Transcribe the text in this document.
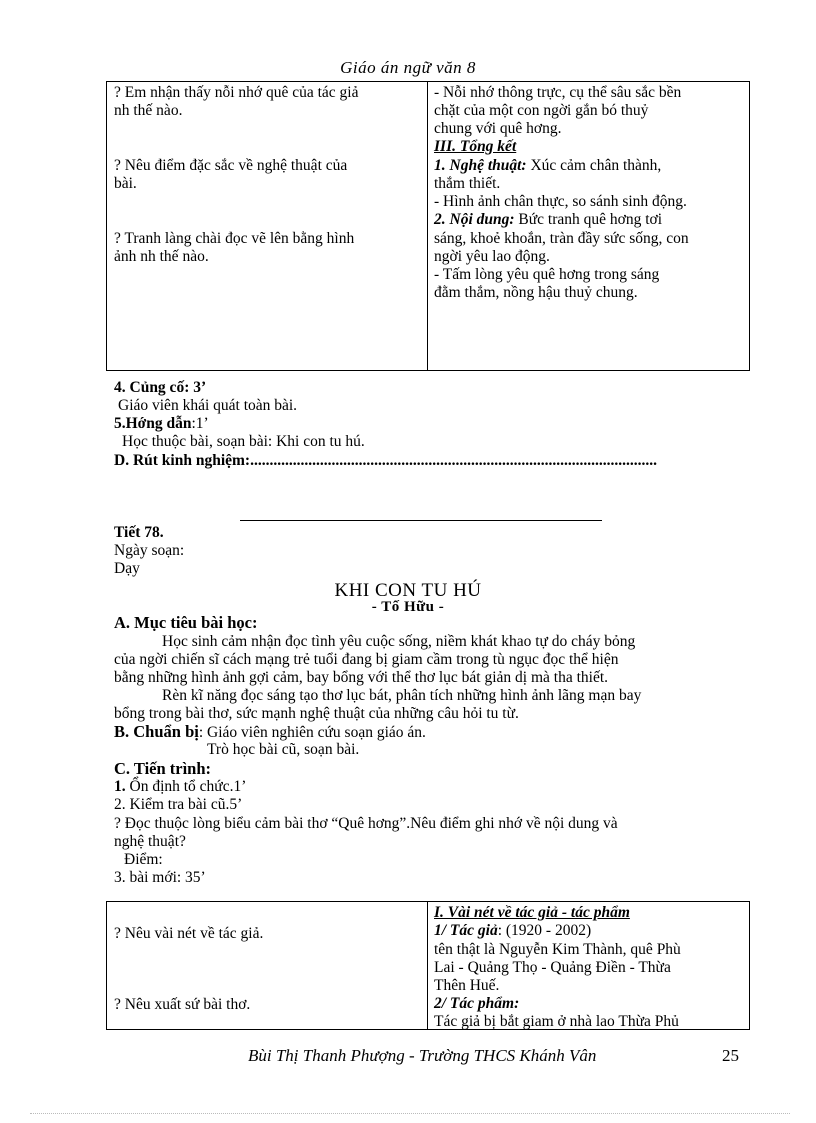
Giáo án ngữ văn 8
? Em nhận thấy nỗi nhớ quê của tác giả
nh thế nào.
? Nêu điểm đặc sắc về nghệ thuật của
bài.
? Tranh làng chài đọc vẽ lên bằng hình
ảnh nh thế nào.
- Nỗi nhớ thông trực, cụ thể sâu sắc bền
chặt của một con ngời gắn bó thuỷ
chung với quê hơng.
III. Tổng kết
1. Nghệ thuật: Xúc cảm chân thành,
thắm thiết.
- Hình ảnh chân thực, so sánh sinh động.
2. Nội dung: Bức tranh quê hơng tơi
sáng, khoẻ khoắn, tràn đầy sức sống, con
ngời yêu lao động.
- Tấm lòng yêu quê hơng trong sáng
đằm thắm, nồng hậu thuỷ chung.
4. Củng cố: 3’
Giáo viên khái quát toàn bài.
5.Hớng dẫn:1’
Học thuộc bài, soạn bài: Khi con tu hú.
D. Rút kinh nghiệm:.........................................................................................................
Tiết 78.
Ngày soạn:
Dạy
KHI CON TU HÚ
- Tố Hữu -
A. Mục tiêu bài học:
Học sinh cảm nhận đọc tình yêu cuộc sống, niềm khát khao tự do cháy bỏng
của ngời chiến sĩ cách mạng trẻ tuổi đang bị giam cầm trong tù ngục đọc thể hiện
bằng những hình ảnh gợi cảm, bay bổng với thể thơ lục bát giản dị mà tha thiết.
Rèn kĩ năng đọc sáng tạo thơ lục bát, phân tích những hình ảnh lãng mạn bay
bổng trong bài thơ, sức mạnh nghệ thuật của những câu hỏi tu từ.
B. Chuẩn bị: Giáo viên nghiên cứu soạn giáo án.
Trò học bài cũ, soạn bài.
C. Tiến trình:
1. Ổn định tổ chức.1’
2. Kiểm tra bài cũ.5’
? Đọc thuộc lòng biểu cảm bài thơ “Quê hơng”.Nêu điểm ghi nhớ về nội dung và
nghệ thuật?
Điểm:
3. bài mới: 35’
? Nêu vài nét về tác giả.
? Nêu xuất sứ bài thơ.
I. Vài nét về tác giả - tác phẩm
1/ Tác giả: (1920 - 2002)
tên thật là Nguyễn Kim Thành, quê Phù
Lai - Quảng Thọ - Quảng Điền - Thừa
Thên Huế.
2/ Tác phẩm:
Tác giả bị bắt giam ở nhà lao Thừa Phủ
Bùi Thị Thanh Phượng - Trường THCS Khánh Vân	25
